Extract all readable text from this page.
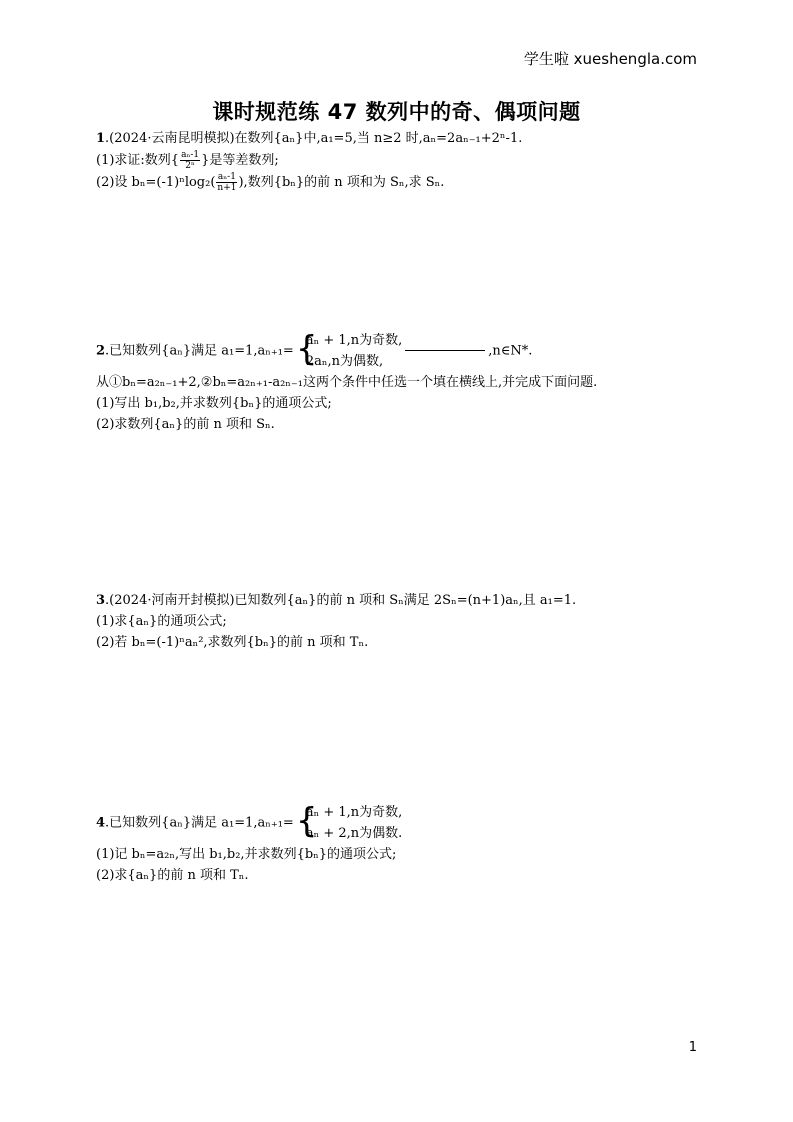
学生啦 xueshengla.com
课时规范练 47 数列中的奇、偶项问题
1.(2024·云南昆明模拟)在数列{aₙ}中,a₁=5,当 n≥2 时,aₙ=2aₙ₋₁+2ⁿ-1.
(1)求证:数列{ $\frac{\text{aₙ-1}}{\text{2ⁿ}}$ }是等差数列;
(2)设 $b_n=(-1)^n\log_2( \frac{\text{aₙ-1}}{n+1}$ ),数列{bₙ}的前 n 项和为 Sₙ,求 Sₙ.
2.已知数列{aₙ}满足 a₁=1,aₙ₊₁= {
aₙ + 1,n为奇数,
2aₙ,n为偶数,
,n∈N*.
从①bₙ=a₂ₙ₋₁+2,②bₙ=a₂ₙ₊₁-a₂ₙ₋₁这两个条件中任选一个填在横线上,并完成下面问题.
(1)写出 b₁,b₂,并求数列{bₙ}的通项公式;
(2)求数列{aₙ}的前 n 项和 Sₙ.
3.(2024·河南开封模拟)已知数列{aₙ}的前 n 项和 Sₙ满足 2Sₙ=(n+1)aₙ,且 a₁=1.
(1)求{aₙ}的通项公式;
(2)若 bₙ=(-1)ⁿaₙ²,求数列{bₙ}的前 n 项和 Tₙ.
4.已知数列{aₙ}满足 a₁=1,aₙ₊₁= {
aₙ + 1,n为奇数,
aₙ + 2,n为偶数.
(1)记 bₙ=a₂ₙ,写出 b₁,b₂,并求数列{bₙ}的通项公式;
(2)求{aₙ}的前 n 项和 Tₙ.
1
